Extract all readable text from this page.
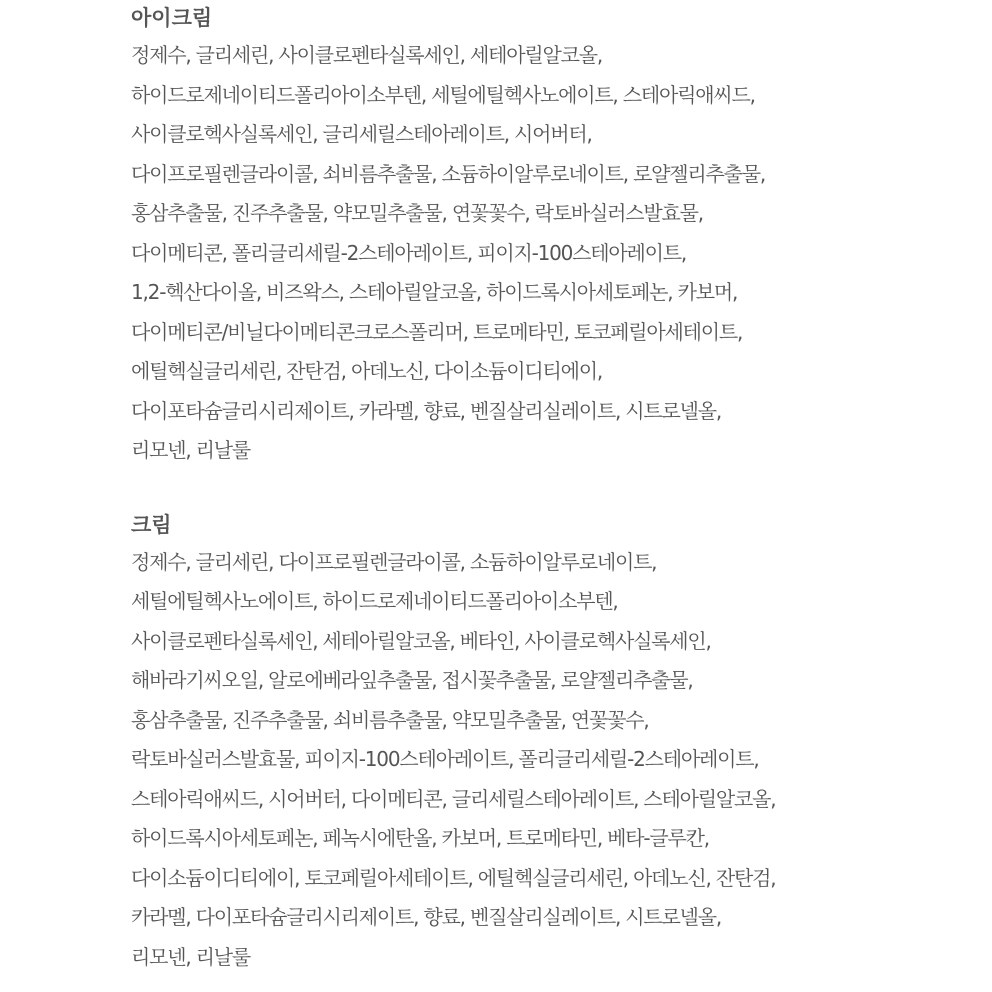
아이크림
정제수, 글리세린, 사이클로펜타실록세인, 세테아릴알코올,
하이드로제네이티드폴리아이소부텐, 세틸에틸헥사노에이트, 스테아릭애씨드,
사이클로헥사실록세인, 글리세릴스테아레이트, 시어버터,
다이프로필렌글라이콜, 쇠비름추출물, 소듐하이알루로네이트, 로얄젤리추출물,
홍삼추출물, 진주추출물, 약모밀추출물, 연꽃꽃수, 락토바실러스발효물,
다이메티콘, 폴리글리세릴-2스테아레이트, 피이지-100스테아레이트,
1,2-헥산다이올, 비즈왁스, 스테아릴알코올, 하이드록시아세토페논, 카보머,
다이메티콘/비닐다이메티콘크로스폴리머, 트로메타민, 토코페릴아세테이트,
에틸헥실글리세린, 잔탄검, 아데노신, 다이소듐이디티에이,
다이포타슘글리시리제이트, 카라멜, 향료, 벤질살리실레이트, 시트로넬올,
리모넨, 리날룰
크림
정제수, 글리세린, 다이프로필렌글라이콜, 소듐하이알루로네이트,
세틸에틸헥사노에이트, 하이드로제네이티드폴리아이소부텐,
사이클로펜타실록세인, 세테아릴알코올, 베타인, 사이클로헥사실록세인,
해바라기씨오일, 알로에베라잎추출물, 접시꽃추출물, 로얄젤리추출물,
홍삼추출물, 진주추출물, 쇠비름추출물, 약모밀추출물, 연꽃꽃수,
락토바실러스발효물, 피이지-100스테아레이트, 폴리글리세릴-2스테아레이트,
스테아릭애씨드, 시어버터, 다이메티콘, 글리세릴스테아레이트, 스테아릴알코올,
하이드록시아세토페논, 페녹시에탄올, 카보머, 트로메타민, 베타-글루칸,
다이소듐이디티에이, 토코페릴아세테이트, 에틸헥실글리세린, 아데노신, 잔탄검,
카라멜, 다이포타슘글리시리제이트, 향료, 벤질살리실레이트, 시트로넬올,
리모넨, 리날룰
